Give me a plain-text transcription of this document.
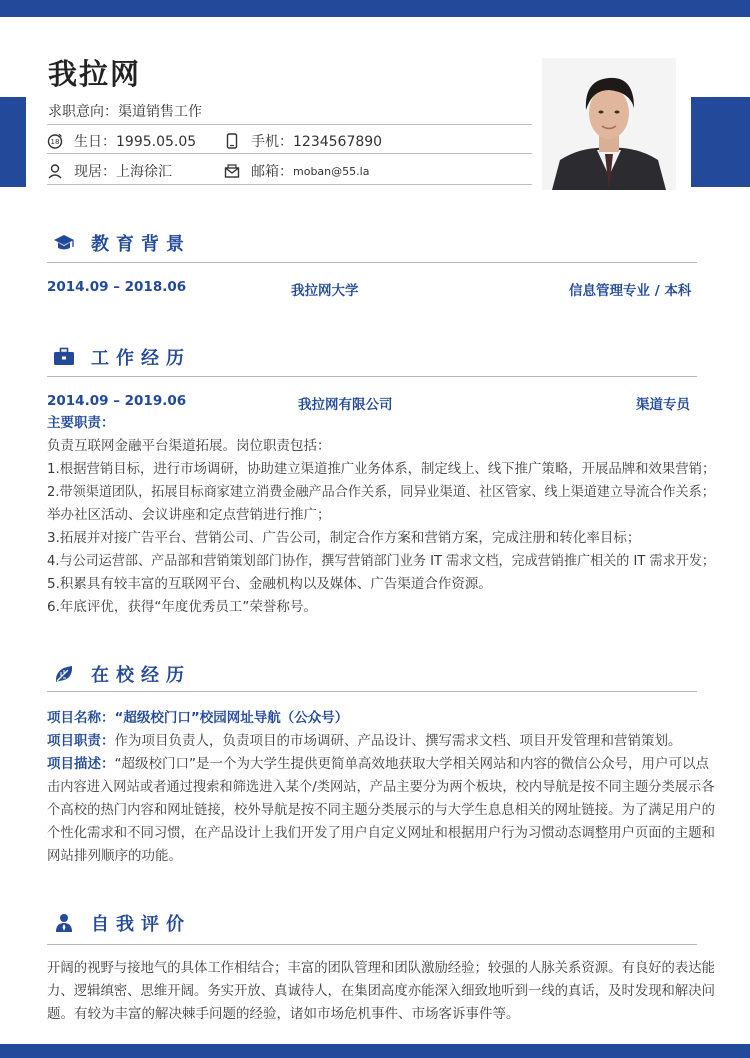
我拉网
求职意向：渠道销售工作
18 生日：1995.05.05	手机：1234567890
现居：上海徐汇	邮箱： moban@55.la
教育背景
2014.09 – 2018.06	我拉网大学	信息管理专业 / 本科
工作经历
2014.09 – 2019.06	我拉网有限公司	渠道专员
主要职责：
负责互联网金融平台渠道拓展。岗位职责包括：
1.根据营销目标，进行市场调研，协助建立渠道推广业务体系，制定线上、线下推广策略，开展品牌和效果营销；
2.带领渠道团队，拓展目标商家建立消费金融产品合作关系，同异业渠道、社区管家、线上渠道建立导流合作关系；
举办社区活动、会议讲座和定点营销进行推广；
3.拓展并对接广告平台、营销公司、广告公司，制定合作方案和营销方案，完成注册和转化率目标；
4.与公司运营部、产品部和营销策划部门协作，撰写营销部门业务 IT 需求文档，完成营销推广相关的 IT 需求开发；
5.积累具有较丰富的互联网平台、金融机构以及媒体、广告渠道合作资源。
6.年底评优，获得“年度优秀员工”荣誉称号。
在校经历
项目名称：“超级校门口”校园网址导航（公众号）
项目职责：作为项目负责人，负责项目的市场调研、产品设计、撰写需求文档、项目开发管理和营销策划。
项目描述：“超级校门口”是一个为大学生提供更简单高效地获取大学相关网站和内容的微信公众号，用户可以点
击内容进入网站或者通过搜索和筛选进入某个/类网站，产品主要分为两个板块，校内导航是按不同主题分类展示各
个高校的热门内容和网址链接，校外导航是按不同主题分类展示的与大学生息息相关的网址链接。为了满足用户的
个性化需求和不同习惯，在产品设计上我们开发了用户自定义网址和根据用户行为习惯动态调整用户页面的主题和
网站排列顺序的功能。
自我评价
开阔的视野与接地气的具体工作相结合；丰富的团队管理和团队激励经验；较强的人脉关系资源。有良好的表达能
力、逻辑缜密、思维开阔。务实开放、真诚待人，在集团高度亦能深入细致地听到一线的真话，及时发现和解决问
题。有较为丰富的解决棘手问题的经验，诸如市场危机事件、市场客诉事件等。
